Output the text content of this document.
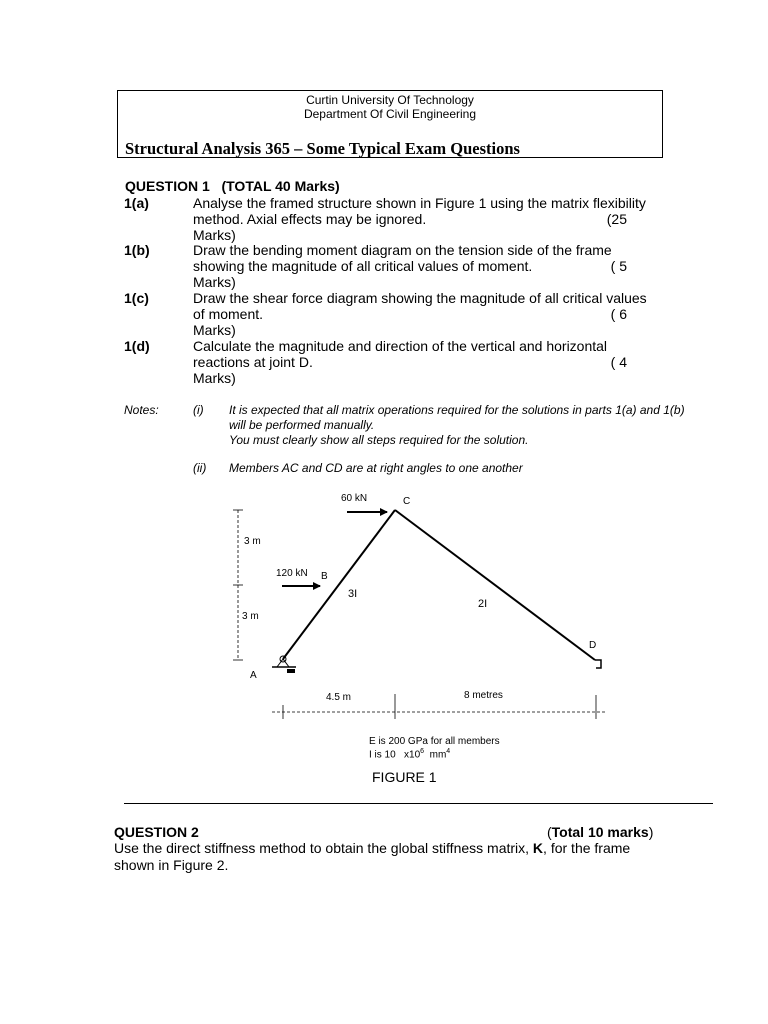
Curtin University Of Technology
Department Of Civil Engineering
Structural Analysis 365 – Some Typical Exam Questions
QUESTION 1 (TOTAL 40 Marks)
1(a)	Analyse the framed structure shown in Figure 1 using the matrix flexibility
method. Axial effects may be ignored.	(25
Marks)
1(b)	Draw the bending moment diagram on the tension side of the frame
showing the magnitude of all critical values of moment.	( 5
Marks)
1(c)	Draw the shear force diagram showing the magnitude of all critical values
of moment.	( 6
Marks)
1(d)	Calculate the magnitude and direction of the vertical and horizontal
reactions at joint D.	( 4
Marks)
Notes:	(i) It is expected that all matrix operations required for the solutions in parts 1(a) and 1(b)
will be performed manually.
You must clearly show all steps required for the solution.
(ii) Members AC and CD are at right angles to one another
60 kN	C
3 m
120 kN B
3I
2I
3 m
D
A
4.5 m	8 metres
E is 200 GPa for all members
I is 10 $x10^6$ $mm^4$
FIGURE 1
QUESTION 2	(Total 10 marks)
Use the direct stiffness method to obtain the global stiffness matrix, K, for the frame
shown in Figure 2.
